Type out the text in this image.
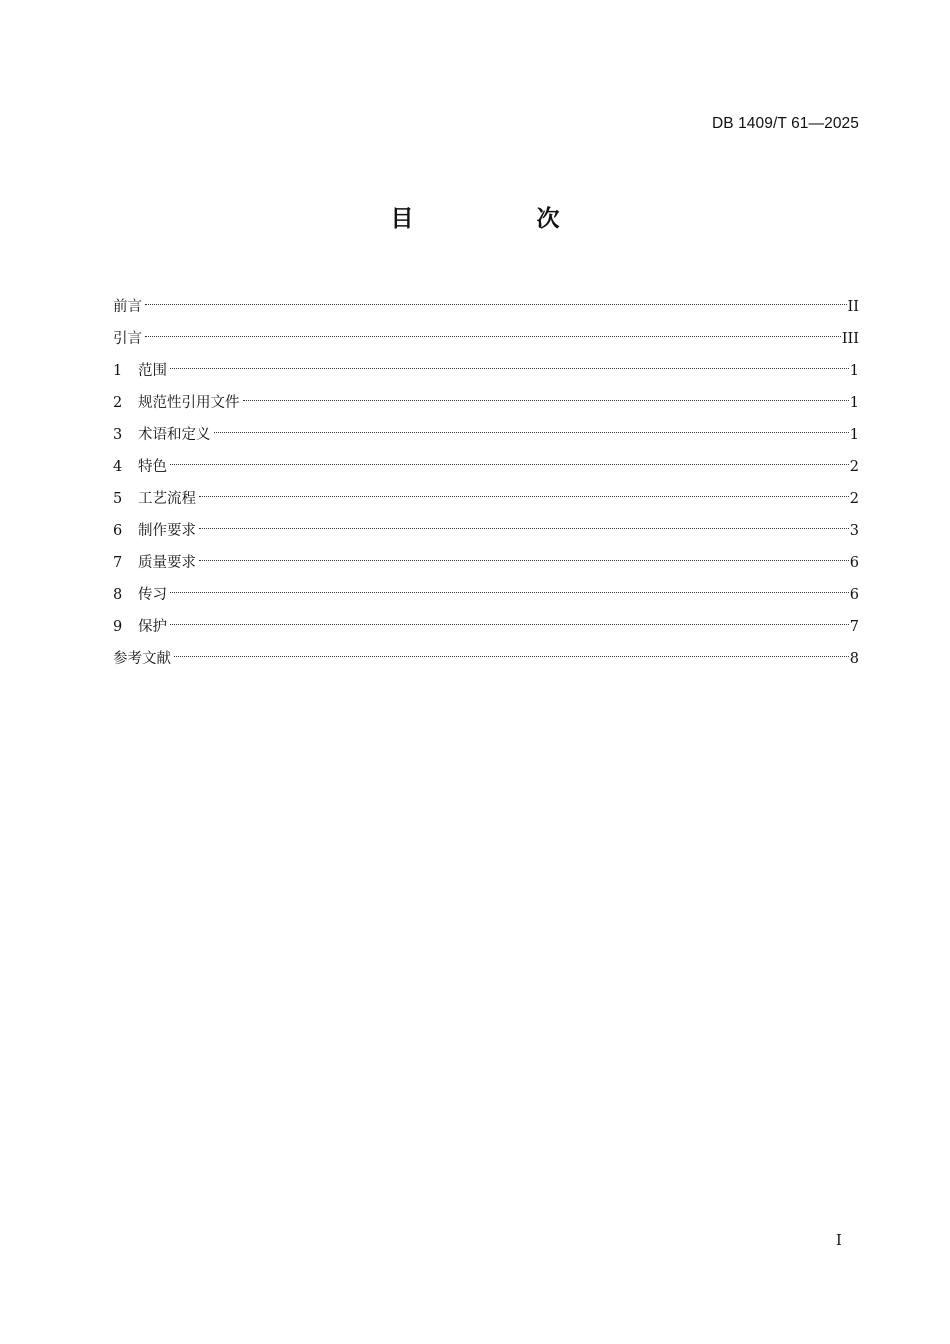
DB 1409/T 61—2025
目　次
前言	II
引言	III
1	范围	1
2	规范性引用文件	1
3	术语和定义	1
4	特色	2
5	工艺流程	2
6	制作要求	3
7	质量要求	6
8	传习	6
9	保护	7
参考文献	8
I
